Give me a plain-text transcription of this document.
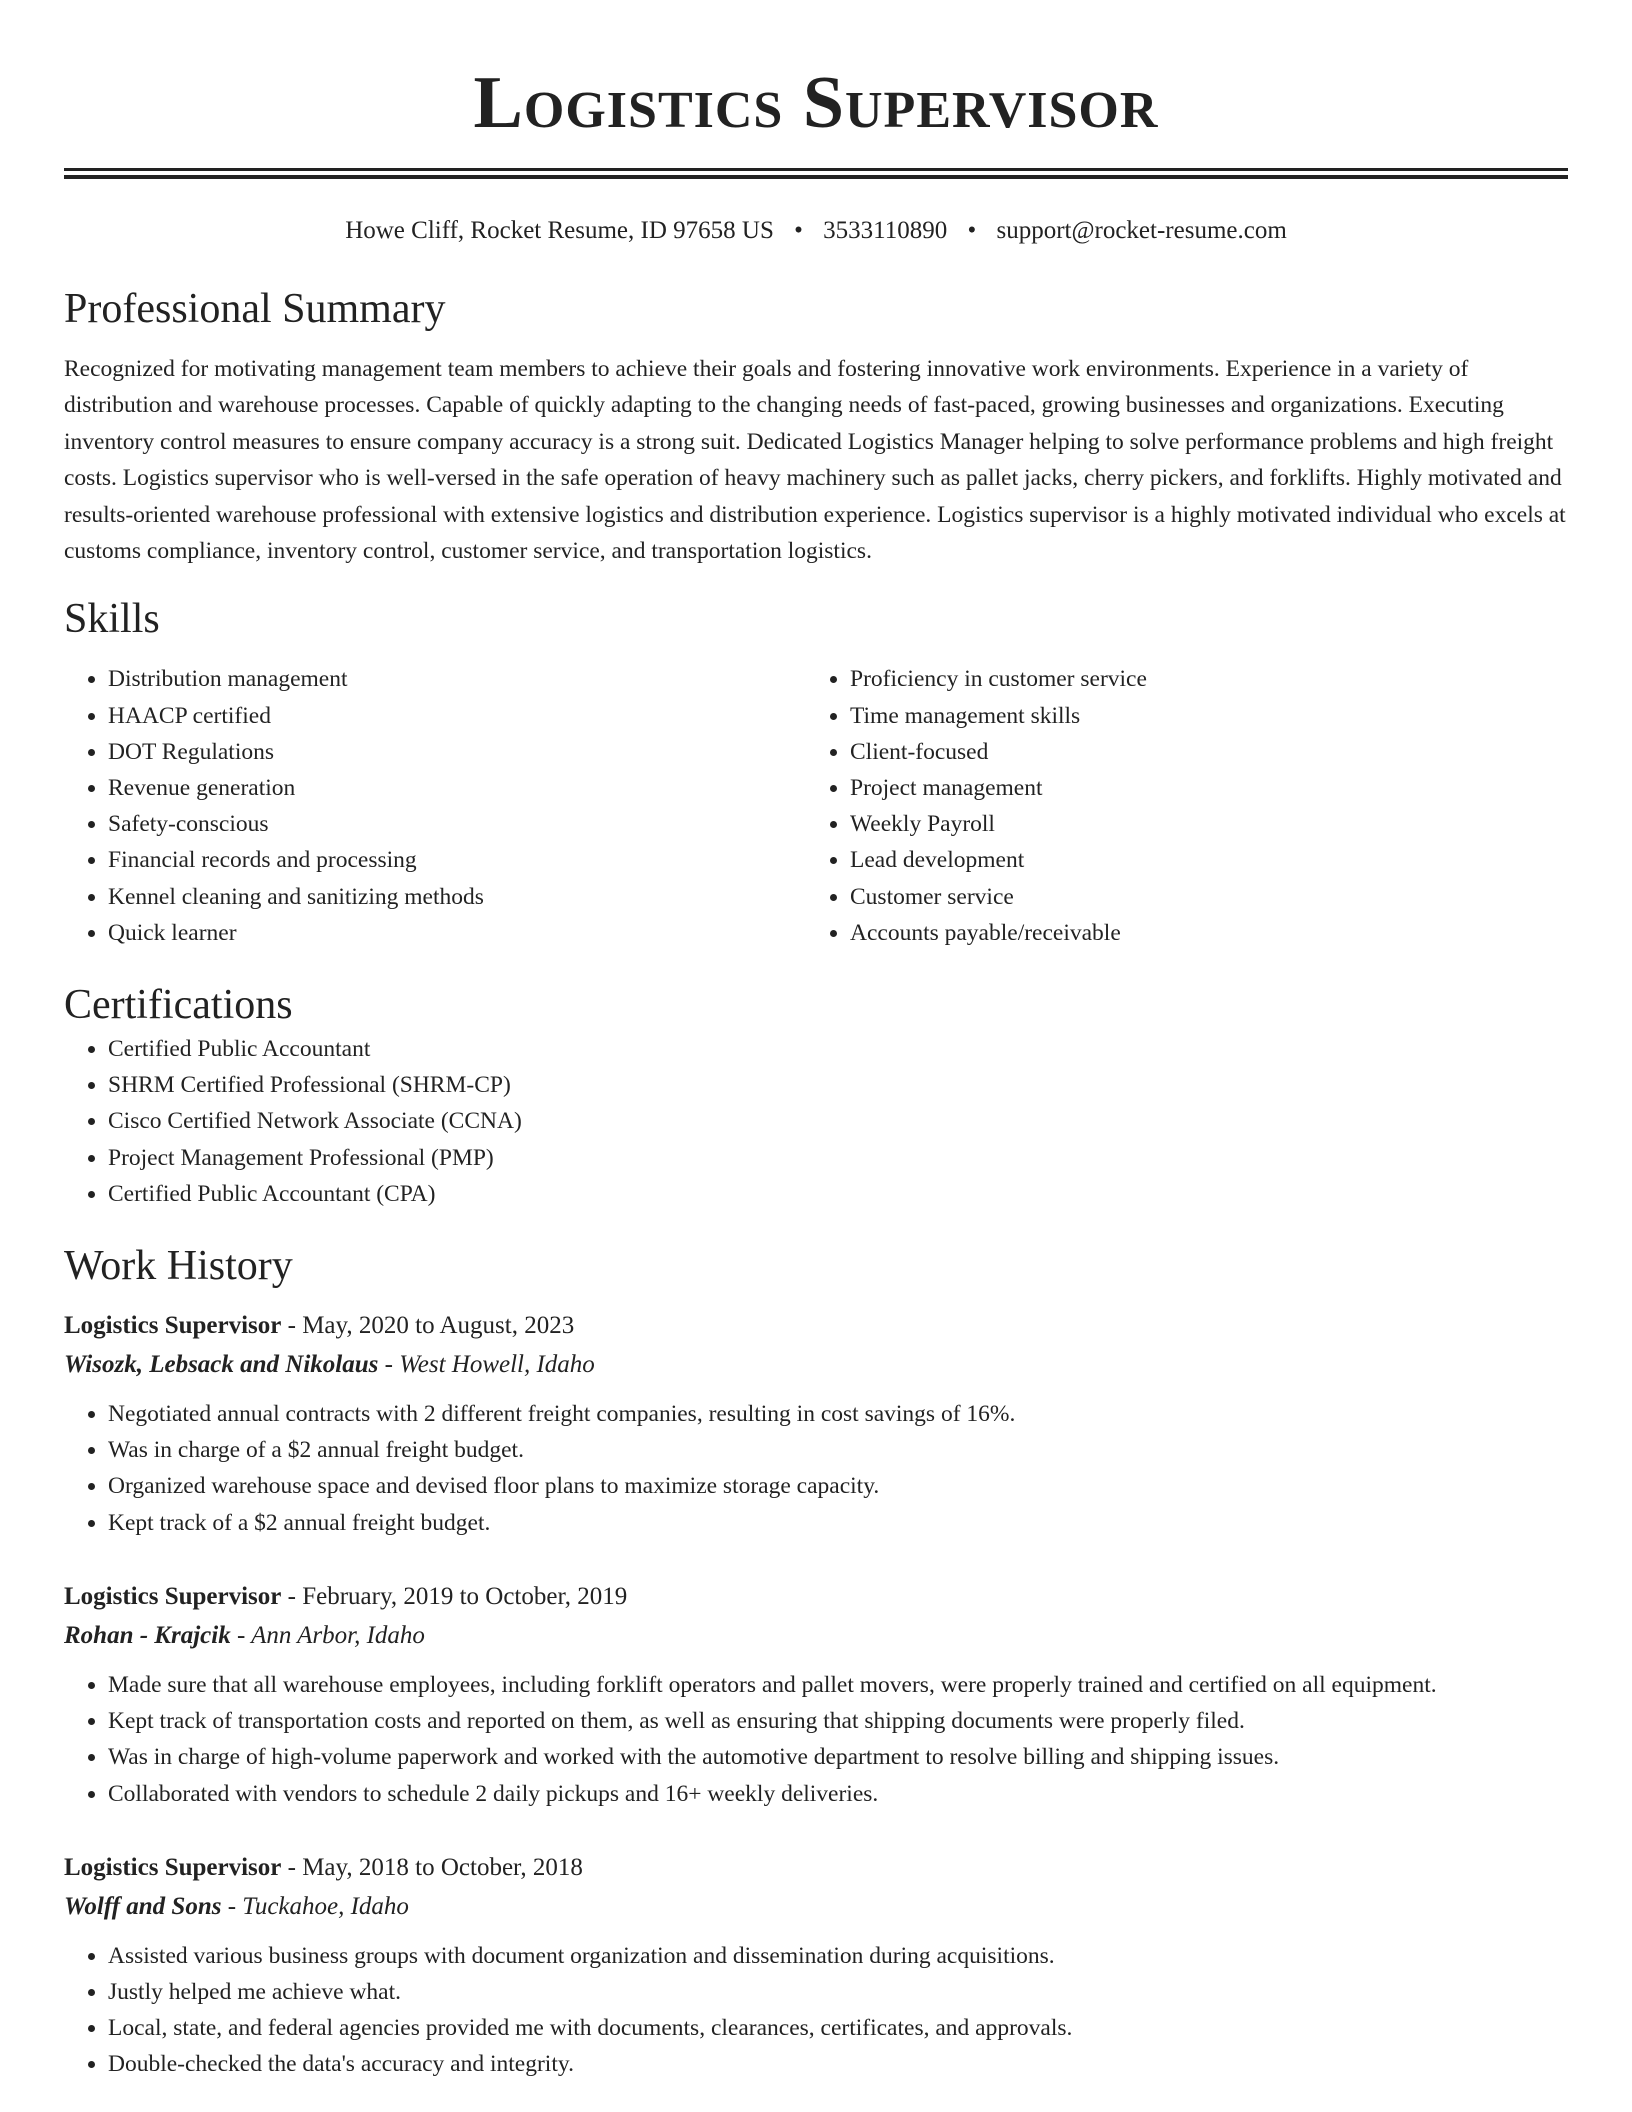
Logistics Supervisor
Howe Cliff, Rocket Resume, ID 97658 US • 3533110890 • support@rocket-resume.com
Professional Summary

Recognized for motivating management team members to achieve their goals and fostering innovative work environments. Experience in a variety of distribution and warehouse processes. Capable of quickly adapting to the changing needs of fast-paced, growing businesses and organizations. Executing inventory control measures to ensure company accuracy is a strong suit. Dedicated Logistics Manager helping to solve performance problems and high freight costs. Logistics supervisor who is well-versed in the safe operation of heavy machinery such as pallet jacks, cherry pickers, and forklifts. Highly motivated and results-oriented warehouse professional with extensive logistics and distribution experience. Logistics supervisor is a highly motivated individual who excels at customs compliance, inventory control, customer service, and transportation logistics.

Skills
• Distribution management
• HAACP certified
• DOT Regulations
• Revenue generation
• Safety-conscious
• Financial records and processing
• Kennel cleaning and sanitizing methods
• Quick learner
• Proficiency in customer service
• Time management skills
• Client-focused
• Project management
• Weekly Payroll
• Lead development
• Customer service
• Accounts payable/receivable
Certifications
• Certified Public Accountant
• SHRM Certified Professional (SHRM-CP)
• Cisco Certified Network Associate (CCNA)
• Project Management Professional (PMP)
• Certified Public Accountant (CPA)
Work History
Logistics Supervisor - May, 2020 to August, 2023
Wisozk, Lebsack and Nikolaus - West Howell, Idaho
• Negotiated annual contracts with 2 different freight companies, resulting in cost savings of 16%.
• Was in charge of a $2 annual freight budget.
• Organized warehouse space and devised floor plans to maximize storage capacity.
• Kept track of a $2 annual freight budget.
Logistics Supervisor - February, 2019 to October, 2019
Rohan - Krajcik - Ann Arbor, Idaho
• Made sure that all warehouse employees, including forklift operators and pallet movers, were properly trained and certified on all equipment.
• Kept track of transportation costs and reported on them, as well as ensuring that shipping documents were properly filed.
• Was in charge of high-volume paperwork and worked with the automotive department to resolve billing and shipping issues.
• Collaborated with vendors to schedule 2 daily pickups and 16+ weekly deliveries.
Logistics Supervisor - May, 2018 to October, 2018
Wolff and Sons - Tuckahoe, Idaho
• Assisted various business groups with document organization and dissemination during acquisitions.
• Justly helped me achieve what.
• Local, state, and federal agencies provided me with documents, clearances, certificates, and approvals.
• Double-checked the data's accuracy and integrity.
